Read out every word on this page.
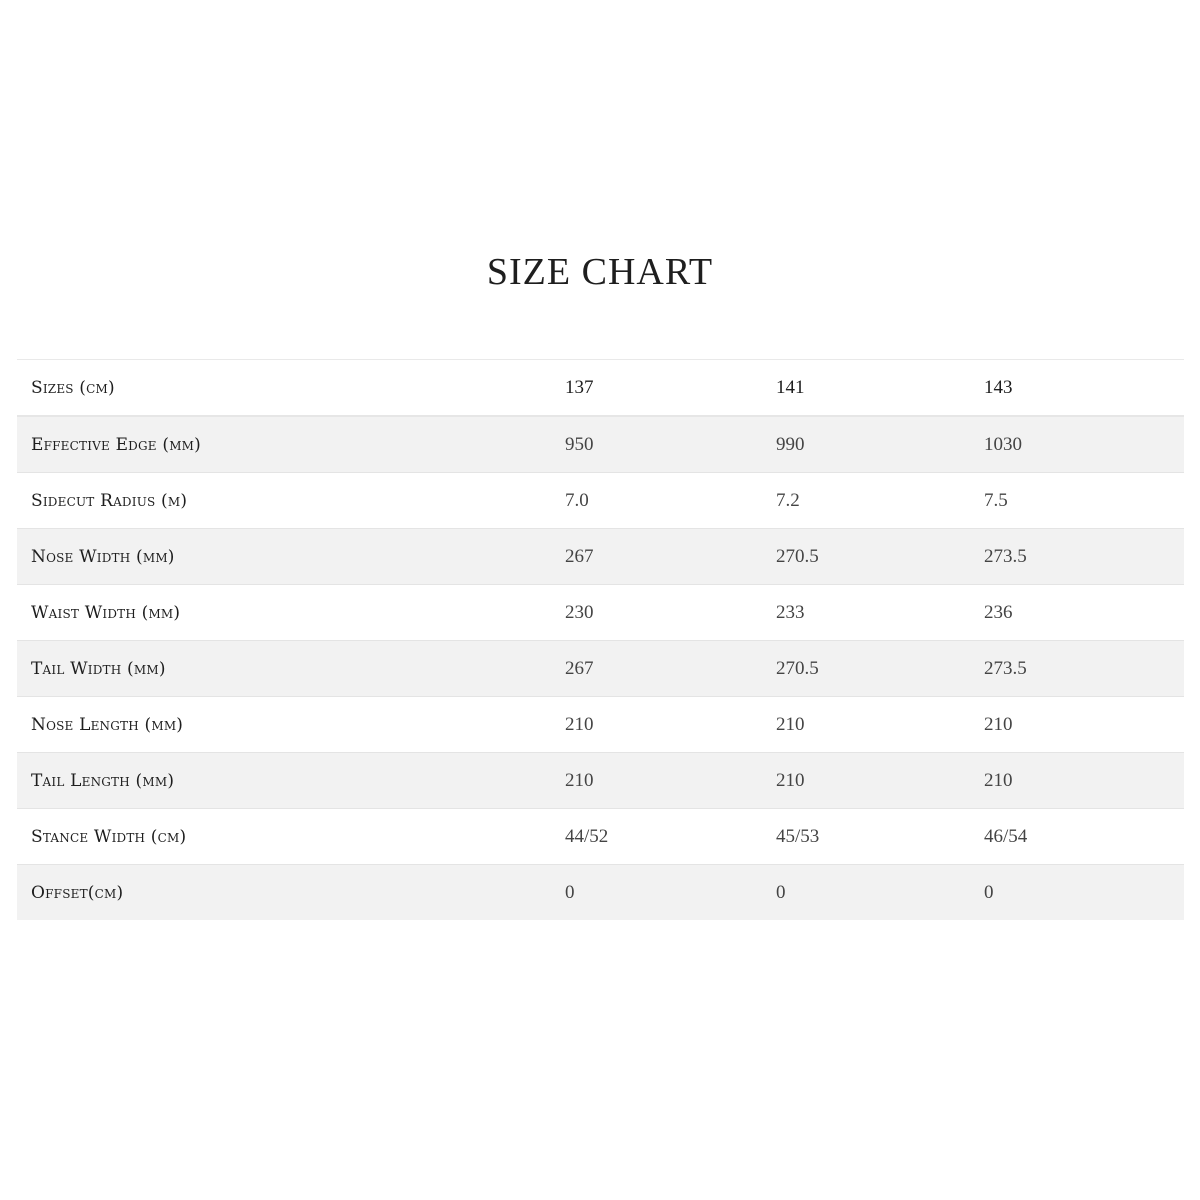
SIZE CHART
Sizes (cm)	137	141	143
Effective Edge (mm)	950	990	1030
Sidecut Radius (m)	7.0	7.2	7.5
Nose Width (mm)	267	270.5	273.5
Waist Width (mm)	230	233	236
Tail Width (mm)	267	270.5	273.5
Nose Length (mm)	210	210	210
Tail Length (mm)	210	210	210
Stance Width (cm)	44/52	45/53	46/54
Offset(cm)	0	0	0
